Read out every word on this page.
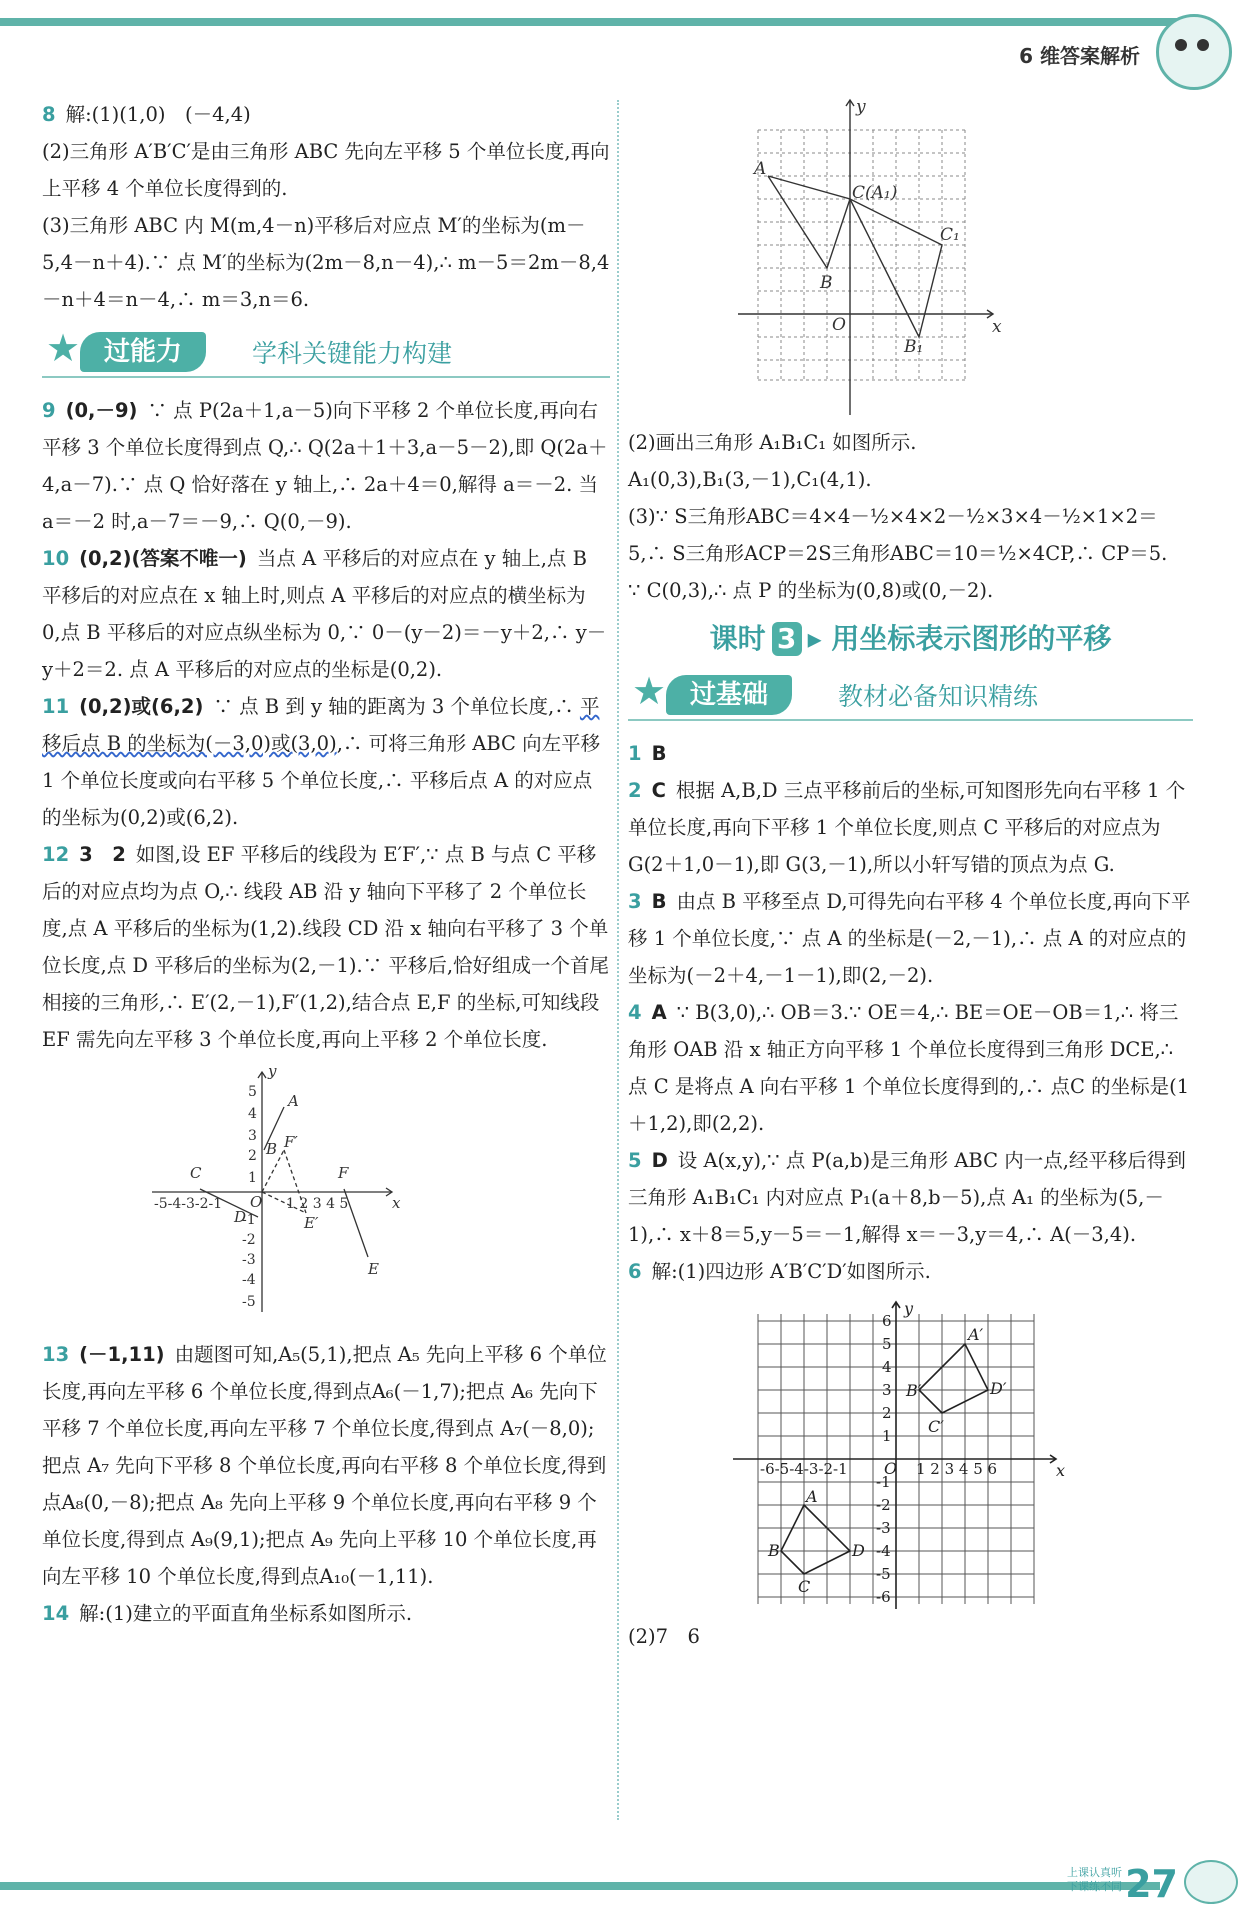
6 维答案解析

8 解:(1)(1,0)　(－4,4)

(2)三角形 A′B′C′是由三角形 ABC 先向左平移 5 个单位长度,再向上平移 4 个单位长度得到的.

(3)三角形 ABC 内 M(m,4－n)平移后对应点 M′的坐标为(m－5,4－n＋4).∵ 点 M′的坐标为(2m－8,n－4),∴ m－5＝2m－8,4－n＋4＝n－4,∴ m＝3,n＝6.

★ 过能力	学科关键能力构建

9 (0,－9) ∵ 点 P(2a＋1,a－5)向下平移 2 个单位长度,再向右平移 3 个单位长度得到点 Q,∴ Q(2a＋1＋3,a－5－2),即 Q(2a＋4,a－7).∵ 点 Q 恰好落在 y 轴上,∴ 2a＋4＝0,解得 a＝－2. 当 a＝－2 时,a－7＝－9,∴ Q(0,－9).

10 (0,2)(答案不唯一) 当点 A 平移后的对应点在 y 轴上,点 B 平移后的对应点在 x 轴上时,则点 A 平移后的对应点的横坐标为 0,点 B 平移后的对应点纵坐标为 0,∵ 0－(y－2)＝－y＋2,∴ y－y＋2＝2. 点 A 平移后的对应点的坐标是(0,2).

11 (0,2)或(6,2) ∵ 点 B 到 y 轴的距离为 3 个单位长度,∴ 平移后点 B 的坐标为(－3,0)或(3,0),∴ 可将三角形 ABC 向左平移 1 个单位长度或向右平移 5 个单位长度,∴ 平移后点 A 的对应点的坐标为(0,2)或(6,2).

12 3　2 如图,设 EF 平移后的线段为 E′F′,∵ 点 B 与点 C 平移后的对应点均为点 O,∴ 线段 AB 沿 y 轴向下平移了 2 个单位长度,点 A 平移后的坐标为(1,2).线段 CD 沿 x 轴向右平移了 3 个单位长度,点 D 平移后的坐标为(2,－1).∵ 平移后,恰好组成一个首尾相接的三角形,∴ E′(2,－1),F′(1,2),结合点 E,F 的坐标,可知线段 EF 需先向左平移 3 个单位长度,再向上平移 2 个单位长度.

A
B F′
C
D	E′
F
E
O	x
y
-5-4-3-2-1	1 2 3 4 5
5
4
3
2
1
-1
-2
-3
-4
-5

13 (－1,11) 由题图可知,A₅(5,1),把点 A₅ 先向上平移 6 个单位长度,再向左平移 6 个单位长度,得到点A₆(－1,7);把点 A₆ 先向下平移 7 个单位长度,再向左平移 7 个单位长度,得到点 A₇(－8,0);把点 A₇ 先向下平移 8 个单位长度,再向右平移 8 个单位长度,得到点A₈(0,－8);把点 A₈ 先向上平移 9 个单位长度,再向右平移 9 个单位长度,得到点 A₉(9,1);把点 A₉ 先向上平移 10 个单位长度,再向左平移 10 个单位长度,得到点A₁₀(－1,11).

14 解:(1)建立的平面直角坐标系如图所示.

A
B
C(A₁)
C₁
B₁
O	x
y

(2)画出三角形 A₁B₁C₁ 如图所示.

A₁(0,3),B₁(3,－1),C₁(4,1).

(3)∵ S三角形ABC＝4×4－½×4×2－½×3×4－½×1×2＝5,∴ S三角形ACP＝2S三角形ABC＝10＝½×4CP,∴ CP＝5.

∵ C(0,3),∴ 点 P 的坐标为(0,8)或(0,－2).

课时 3 ▸ 用坐标表示图形的平移
★ 过基础	教材必备知识精练

1 B

2 C 根据 A,B,D 三点平移前后的坐标,可知图形先向右平移 1 个单位长度,再向下平移 1 个单位长度,则点 C 平移后的对应点为 G(2＋1,0－1),即 G(3,－1),所以小轩写错的顶点为点 G.

3 B 由点 B 平移至点 D,可得先向右平移 4 个单位长度,再向下平移 1 个单位长度,∵ 点 A 的坐标是(－2,－1),∴ 点 A 的对应点的坐标为(－2＋4,－1－1),即(2,－2).

4 A ∵ B(3,0),∴ OB＝3.∵ OE＝4,∴ BE＝OE－OB＝1,∴ 将三角形 OAB 沿 x 轴正方向平移 1 个单位长度得到三角形 DCE,∴ 点 C 是将点 A 向右平移 1 个单位长度得到的,∴ 点C 的坐标是(1＋1,2),即(2,2).

5 D 设 A(x,y),∵ 点 P(a,b)是三角形 ABC 内一点,经平移后得到三角形 A₁B₁C₁ 内对应点 P₁(a＋8,b－5),点 A₁ 的坐标为(5,－1),∴ x＋8＝5,y－5＝－1,解得 x＝－3,y＝4,∴ A(－3,4).

6 解:(1)四边形 A′B′C′D′如图所示.

A′
D′
B′
C′
A
B	D
C
O	x
y
-6-5-4-3-2-1	1 2 3 4 5 6
6
5
4
3
2
1
-1
-2
-3
-4
-5
-6

(2)7　6

上课认真听
下课练不同 27
